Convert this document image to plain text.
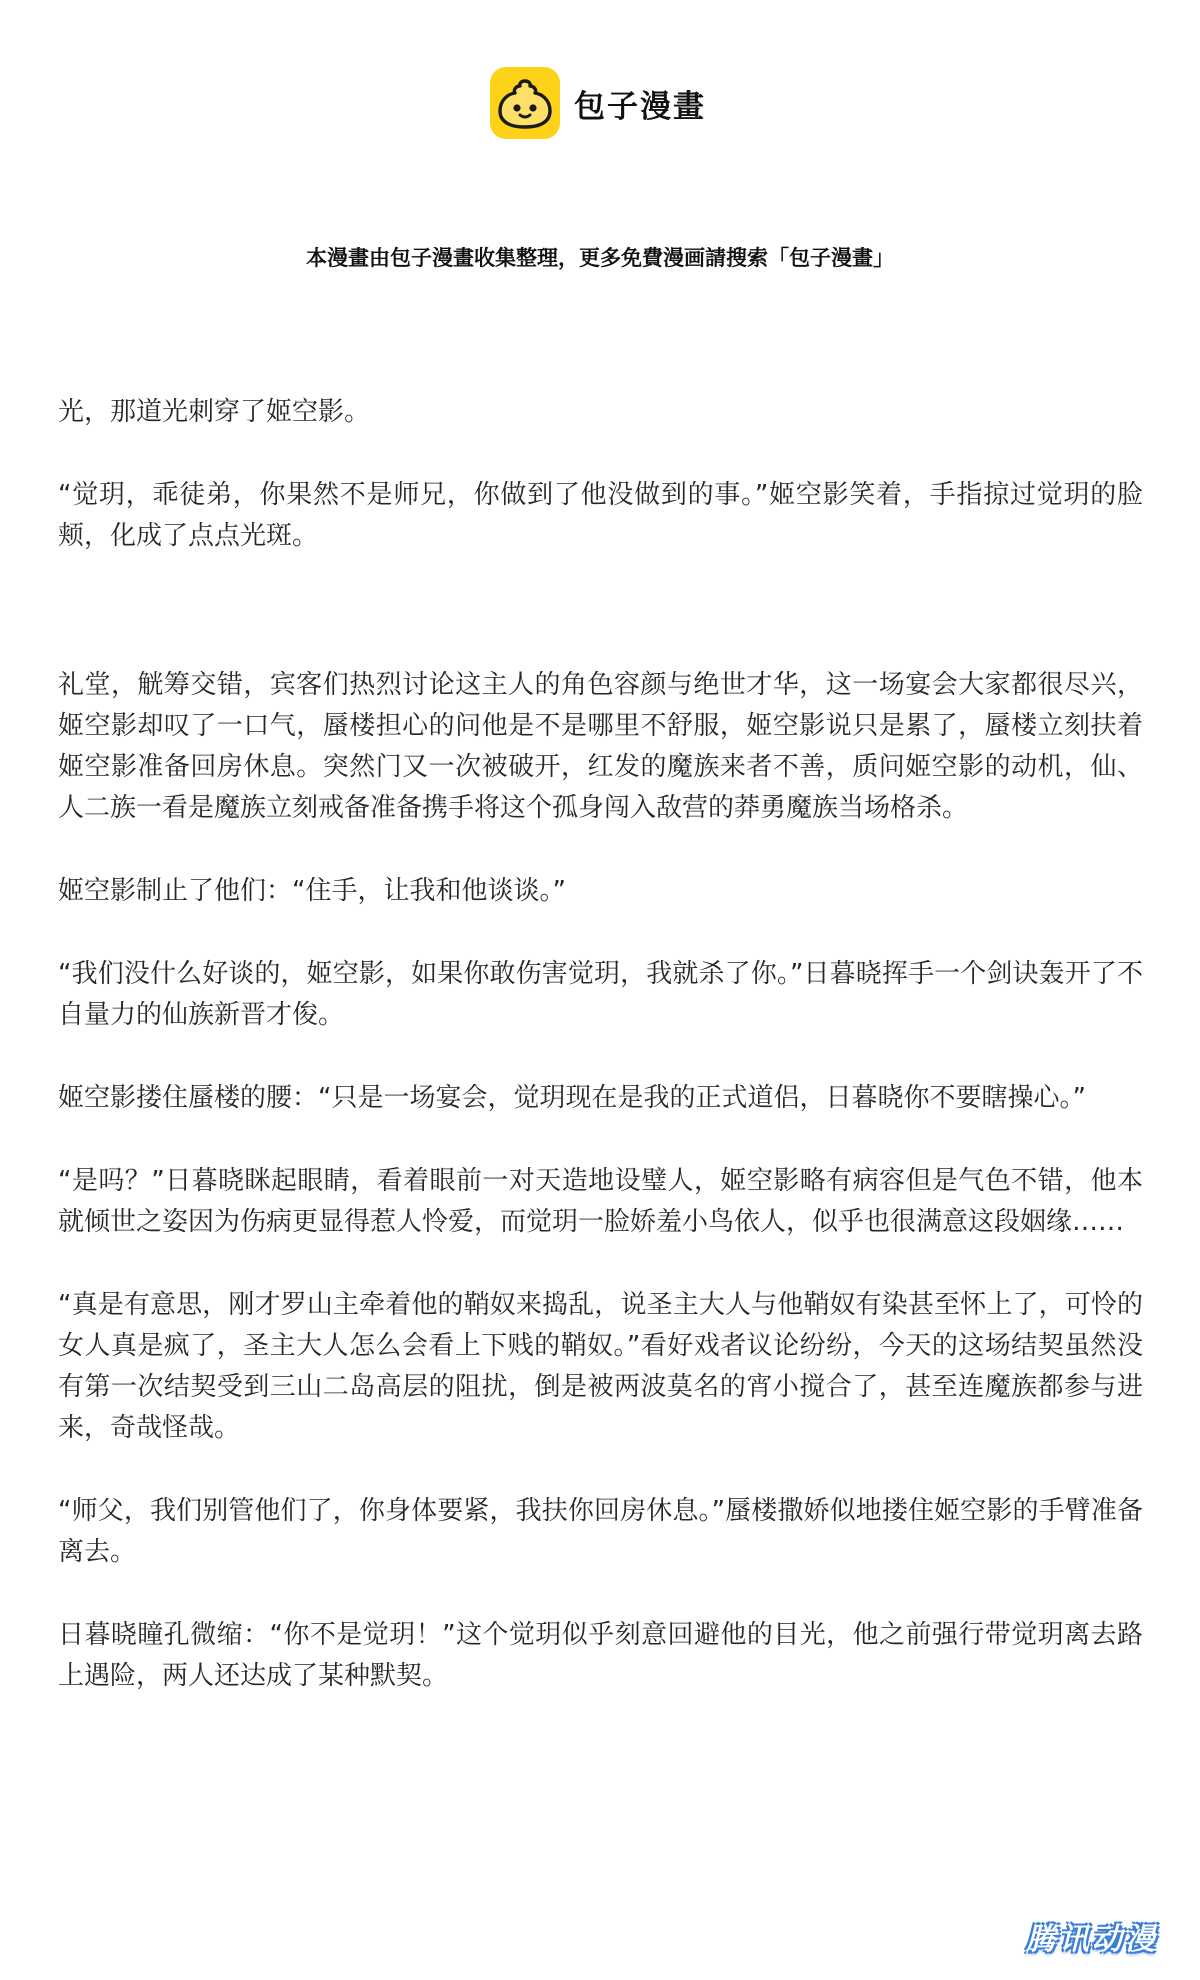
包子漫畫
本漫畫由包子漫畫收集整理，更多免費漫画請搜索「包子漫畫」

光，那道光刺穿了姬空影。

“觉玥，乖徒弟，你果然不是师兄，你做到了他没做到的事。”姬空影笑着，手指掠过觉玥的脸颊，化成了点点光斑。

礼堂，觥筹交错，宾客们热烈讨论这主人的角色容颜与绝世才华，这一场宴会大家都很尽兴，姬空影却叹了一口气，蜃楼担心的问他是不是哪里不舒服，姬空影说只是累了，蜃楼立刻扶着姬空影准备回房休息。突然门又一次被破开，红发的魔族来者不善，质问姬空影的动机，仙、人二族一看是魔族立刻戒备准备携手将这个孤身闯入敌营的莽勇魔族当场格杀。

姬空影制止了他们：“住手，让我和他谈谈。”

“我们没什么好谈的，姬空影，如果你敢伤害觉玥，我就杀了你。”日暮晓挥手一个剑诀轰开了不自量力的仙族新晋才俊。

姬空影搂住蜃楼的腰：“只是一场宴会，觉玥现在是我的正式道侣，日暮晓你不要瞎操心。”

“是吗？”日暮晓眯起眼睛，看着眼前一对天造地设璧人，姬空影略有病容但是气色不错，他本就倾世之姿因为伤病更显得惹人怜爱，而觉玥一脸娇羞小鸟依人，似乎也很满意这段姻缘……

“真是有意思，刚才罗山主牵着他的鞘奴来捣乱，说圣主大人与他鞘奴有染甚至怀上了，可怜的女人真是疯了，圣主大人怎么会看上下贱的鞘奴。”看好戏者议论纷纷，今天的这场结契虽然没有第一次结契受到三山二岛高层的阻扰，倒是被两波莫名的宵小搅合了，甚至连魔族都参与进来，奇哉怪哉。

“师父，我们别管他们了，你身体要紧，我扶你回房休息。”蜃楼撒娇似地搂住姬空影的手臂准备离去。

日暮晓瞳孔微缩：“你不是觉玥！”这个觉玥似乎刻意回避他的目光，他之前强行带觉玥离去路上遇险，两人还达成了某种默契。

腾讯动漫
